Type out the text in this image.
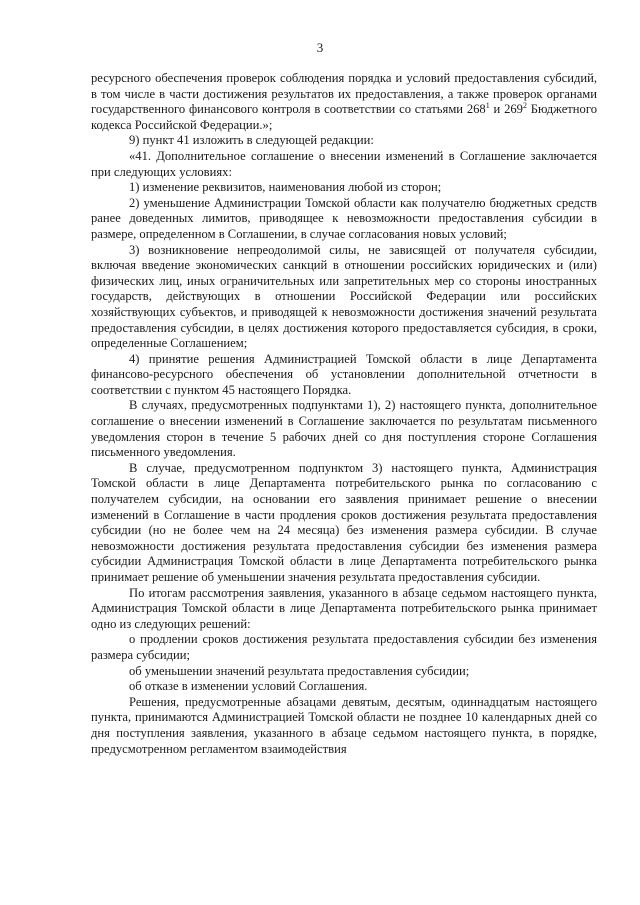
3

ресурсного обеспечения проверок соблюдения порядка и условий предоставления субсидий, в том числе в части достижения результатов их предоставления, а также проверок органами государственного финансового контроля в соответствии со статьями $268^1$ и $269^2$ Бюджетного кодекса Российской Федерации.»;

9) пункт 41 изложить в следующей редакции:

«41. Дополнительное соглашение о внесении изменений в Соглашение заключается при следующих условиях:

1) изменение реквизитов, наименования любой из сторон;

2) уменьшение Администрации Томской области как получателю бюджетных средств ранее доведенных лимитов, приводящее к невозможности предоставления субсидии в размере, определенном в Соглашении, в случае согласования новых условий;

3) возникновение непреодолимой силы, не зависящей от получателя субсидии, включая введение экономических санкций в отношении российских юридических и (или) физических лиц, иных ограничительных или запретительных мер со стороны иностранных государств, действующих в отношении Российской Федерации или российских хозяйствующих субъектов, и приводящей к невозможности достижения значений результата предоставления субсидии, в целях достижения которого предоставляется субсидия, в сроки, определенные Соглашением;

4) принятие решения Администрацией Томской области в лице Департамента финансово-ресурсного обеспечения об установлении дополнительной отчетности в соответствии с пунктом 45 настоящего Порядка.

В случаях, предусмотренных подпунктами 1), 2) настоящего пункта, дополнительное соглашение о внесении изменений в Соглашение заключается по результатам письменного уведомления сторон в течение 5 рабочих дней со дня поступления стороне Соглашения письменного уведомления.

В случае, предусмотренном подпунктом 3) настоящего пункта, Администрация Томской области в лице Департамента потребительского рынка по согласованию с получателем субсидии, на основании его заявления принимает решение о внесении изменений в Соглашение в части продления сроков достижения результата предоставления субсидии (но не более чем на 24 месяца) без изменения размера субсидии. В случае невозможности достижения результата предоставления субсидии без изменения размера субсидии Администрация Томской области в лице Департамента потребительского рынка принимает решение об уменьшении значения результата предоставления субсидии.

По итогам рассмотрения заявления, указанного в абзаце седьмом настоящего пункта, Администрация Томской области в лице Департамента потребительского рынка принимает одно из следующих решений:

о продлении сроков достижения результата предоставления субсидии без изменения размера субсидии;

об уменьшении значений результата предоставления субсидии;

об отказе в изменении условий Соглашения.

Решения, предусмотренные абзацами девятым, десятым, одиннадцатым настоящего пункта, принимаются Администрацией Томской области не позднее 10 календарных дней со дня поступления заявления, указанного в абзаце седьмом настоящего пункта, в порядке, предусмотренном регламентом взаимодействия
